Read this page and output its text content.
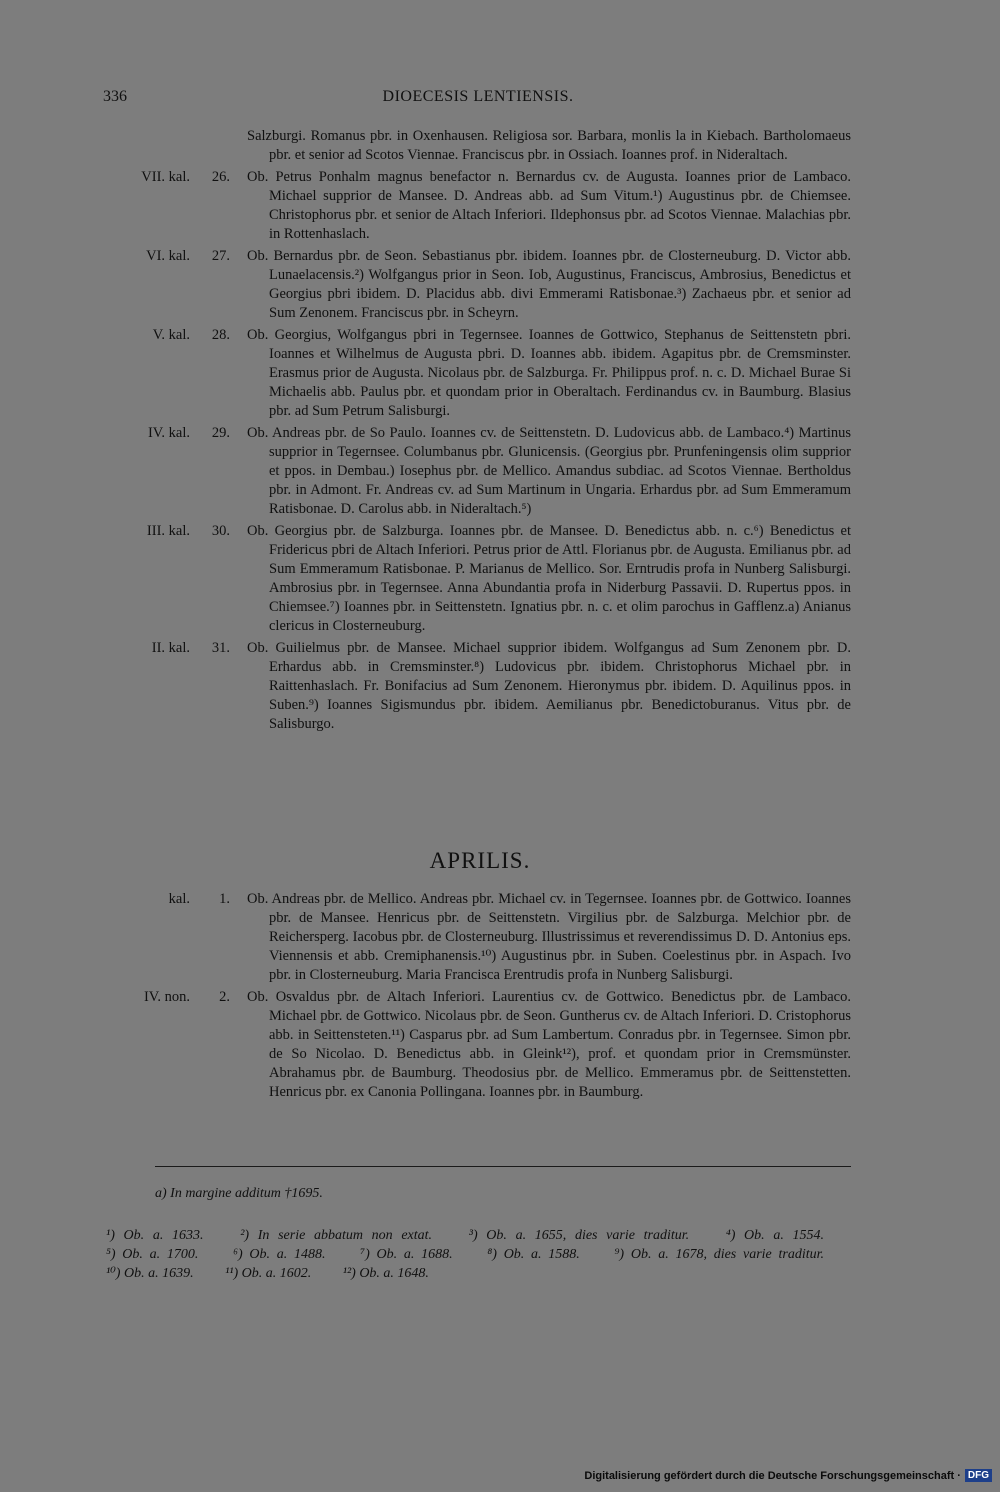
336	DIOECESIS LENTIENSIS.
Salzburgi. Romanus pbr. in Oxenhausen. Religiosa sor. Barbara, monlis la in Kiebach. Bartholomaeus pbr. et senior ad Scotos Viennae. Franciscus pbr. in Ossiach. Ioannes prof. in Nideraltach.
VII. kal.	26. Ob. Petrus Ponhalm magnus benefactor n. Bernardus cv. de Augusta. Ioannes prior de Lambaco. Michael supprior de Mansee. D. Andreas abb. ad Sum Vitum.¹) Augustinus pbr. de Chiemsee. Christophorus pbr. et senior de Altach Inferiori. Ildephonsus pbr. ad Scotos Viennae. Malachias pbr. in Rottenhaslach.
VI. kal.	27. Ob. Bernardus pbr. de Seon. Sebastianus pbr. ibidem. Ioannes pbr. de Closterneuburg. D. Victor abb. Lunaelacensis.²) Wolfgangus prior in Seon. Iob, Augustinus, Franciscus, Ambrosius, Benedictus et Georgius pbri ibidem. D. Placidus abb. divi Emmerami Ratisbonae.³) Zachaeus pbr. et senior ad Sum Zenonem. Franciscus pbr. in Scheyrn.
V. kal.	28. Ob. Georgius, Wolfgangus pbri in Tegernsee. Ioannes de Gottwico, Stephanus de Seittenstetn pbri. Ioannes et Wilhelmus de Augusta pbri. D. Ioannes abb. ibidem. Agapitus pbr. de Cremsminster. Erasmus prior de Augusta. Nicolaus pbr. de Salzburga. Fr. Philippus prof. n. c. D. Michael Burae Si Michaelis abb. Paulus pbr. et quondam prior in Oberaltach. Ferdinandus cv. in Baumburg. Blasius pbr. ad Sum Petrum Salisburgi.
IV. kal.	29. Ob. Andreas pbr. de So Paulo. Ioannes cv. de Seittenstetn. D. Ludovicus abb. de Lambaco.⁴) Martinus supprior in Tegernsee. Columbanus pbr. Glunicensis. (Georgius pbr. Prunfeningensis olim supprior et ppos. in Dembau.) Iosephus pbr. de Mellico. Amandus subdiac. ad Scotos Viennae. Bertholdus pbr. in Admont. Fr. Andreas cv. ad Sum Martinum in Ungaria. Erhardus pbr. ad Sum Emmeramum Ratisbonae. D. Carolus abb. in Nideraltach.⁵)
III. kal.	30. Ob. Georgius pbr. de Salzburga. Ioannes pbr. de Mansee. D. Benedictus abb. n. c.⁶) Benedictus et Fridericus pbri de Altach Inferiori. Petrus prior de Attl. Florianus pbr. de Augusta. Emilianus pbr. ad Sum Emmeramum Ratisbonae. P. Marianus de Mellico. Sor. Erntrudis profa in Nunberg Salisburgi. Ambrosius pbr. in Tegernsee. Anna Abundantia profa in Niderburg Passavii. D. Rupertus ppos. in Chiemsee.⁷) Ioannes pbr. in Seittenstetn. Ignatius pbr. n. c. et olim parochus in Gafflenz.a) Anianus clericus in Closterneuburg.
II. kal.	31. Ob. Guilielmus pbr. de Mansee. Michael supprior ibidem. Wolfgangus ad Sum Zenonem pbr. D. Erhardus abb. in Cremsminster.⁸) Ludovicus pbr. ibidem. Christophorus Michael pbr. in Raittenhaslach. Fr. Bonifacius ad Sum Zenonem. Hieronymus pbr. ibidem. D. Aquilinus ppos. in Suben.⁹) Ioannes Sigismundus pbr. ibidem. Aemilianus pbr. Benedictoburanus. Vitus pbr. de Salisburgo.
APRILIS.
kal.	1. Ob. Andreas pbr. de Mellico. Andreas pbr. Michael cv. in Tegernsee. Ioannes pbr. de Gottwico. Ioannes pbr. de Mansee. Henricus pbr. de Seittenstetn. Virgilius pbr. de Salzburga. Melchior pbr. de Reichersperg. Iacobus pbr. de Closterneuburg. Illustrissimus et reverendissimus D. D. Antonius eps. Viennensis et abb. Cremiphanensis.¹⁰) Augustinus pbr. in Suben. Coelestinus pbr. in Aspach. Ivo pbr. in Closterneuburg. Maria Francisca Erentrudis profa in Nunberg Salisburgi.
IV. non.	2. Ob. Osvaldus pbr. de Altach Inferiori. Laurentius cv. de Gottwico. Benedictus pbr. de Lambaco. Michael pbr. de Gottwico. Nicolaus pbr. de Seon. Guntherus cv. de Altach Inferiori. D. Cristophorus abb. in Seittensteten.¹¹) Casparus pbr. ad Sum Lambertum. Conradus pbr. in Tegernsee. Simon pbr. de So Nicolao. D. Benedictus abb. in Gleink¹²), prof. et quondam prior in Cremsmünster. Abrahamus pbr. de Baumburg. Theodosius pbr. de Mellico. Emmeramus pbr. de Seittenstetten. Henricus pbr. ex Canonia Pollingana. Ioannes pbr. in Baumburg.
a) In margine additum †1695.
¹) Ob. a. 1633.	²) In serie abbatum non extat.	³) Ob. a. 1655, dies varie traditur.	⁴) Ob. a. 1554. ⁵) Ob. a. 1700. ⁶) Ob. a. 1488. ⁷) Ob. a. 1688. ⁸) Ob. a. 1588. ⁹) Ob. a. 1678, dies varie traditur. ¹⁰) Ob. a. 1639. ¹¹) Ob. a. 1602. ¹²) Ob. a. 1648.
Digitalisierung gefördert durch die Deutsche Forschungsgemeinschaft · DFG
